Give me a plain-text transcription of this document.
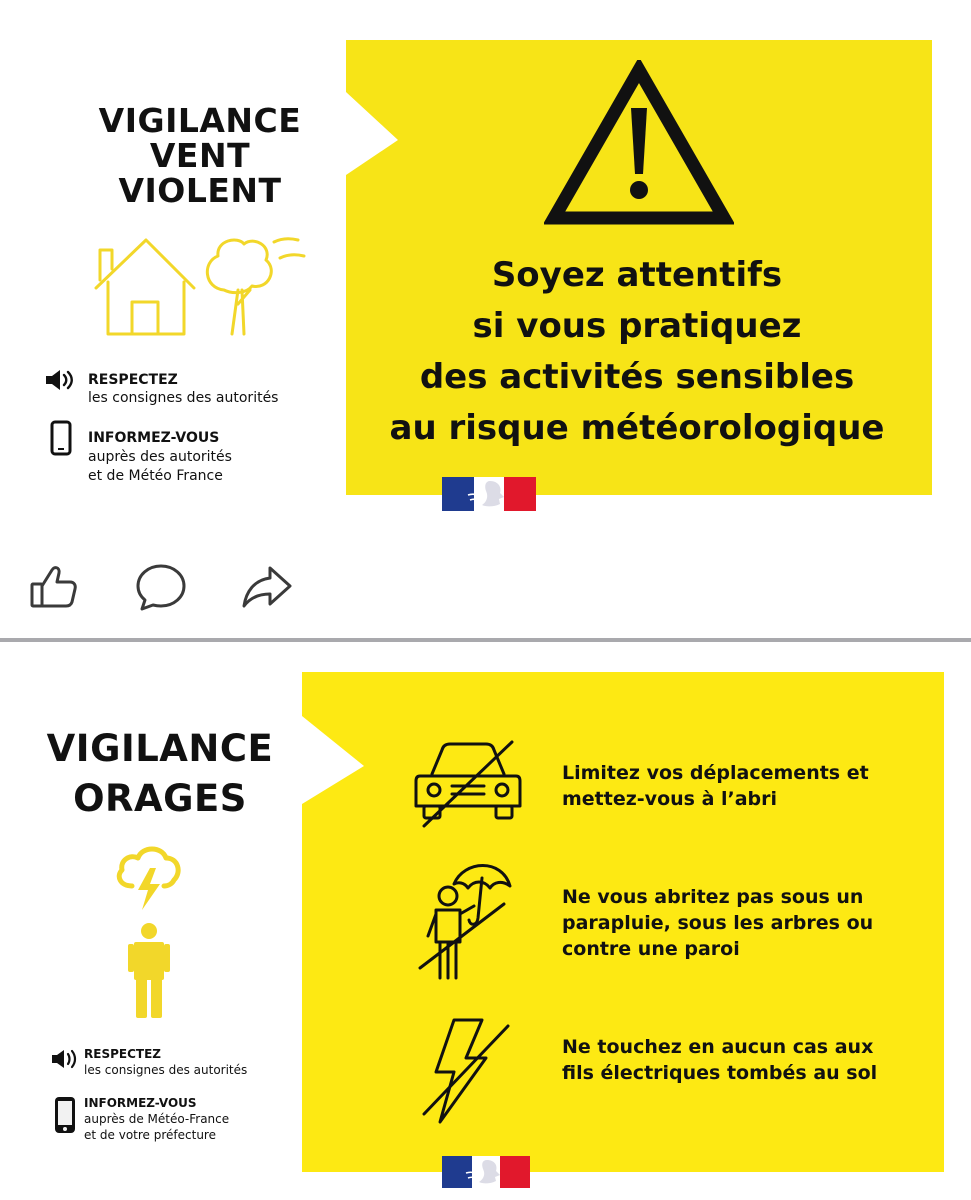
VIGILANCE
VENT
VIOLENT
RESPECTEZ
les consignes des autorités
INFORMEZ-VOUS
auprès des autorités
et de Météo France
Soyez attentifs
si vous pratiquez
des activités sensibles
au risque météorologique
VIGILANCE
ORAGES
RESPECTEZ
les consignes des autorités
INFORMEZ-VOUS
auprès de Météo-France
et de votre préfecture
Limitez vos déplacements et
mettez-vous à l’abri
Ne vous abritez pas sous un
parapluie, sous les arbres ou
contre une paroi
Ne touchez en aucun cas aux
fils électriques tombés au sol
